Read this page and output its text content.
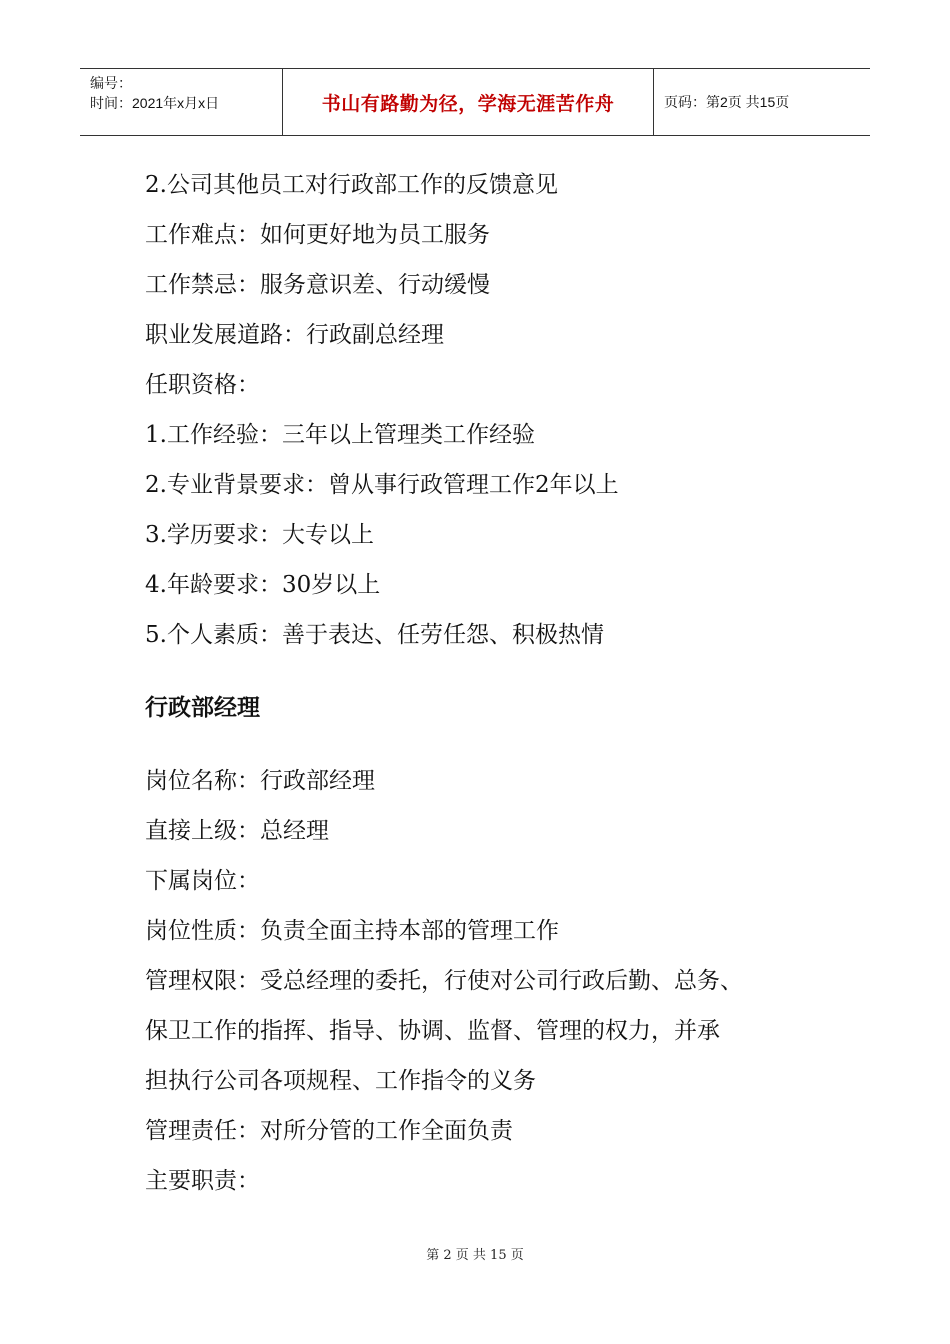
编号：
时间：2021年x月x日	书山有路勤为径，学海无涯苦作舟	页码：第2页 共15页
2.公司其他员工对行政部工作的反馈意见
工作难点：如何更好地为员工服务
工作禁忌：服务意识差、行动缓慢
职业发展道路：行政副总经理
任职资格：
1.工作经验：三年以上管理类工作经验
2.专业背景要求：曾从事行政管理工作2年以上
3.学历要求：大专以上
4.年龄要求：30岁以上
5.个人素质：善于表达、任劳任怨、积极热情
行政部经理
岗位名称：行政部经理
直接上级：总经理
下属岗位：
岗位性质：负责全面主持本部的管理工作
管理权限：受总经理的委托，行使对公司行政后勤、总务、
保卫工作的指挥、指导、协调、监督、管理的权力，并承
担执行公司各项规程、工作指令的义务
管理责任：对所分管的工作全面负责
主要职责：
第 2 页 共 15 页
